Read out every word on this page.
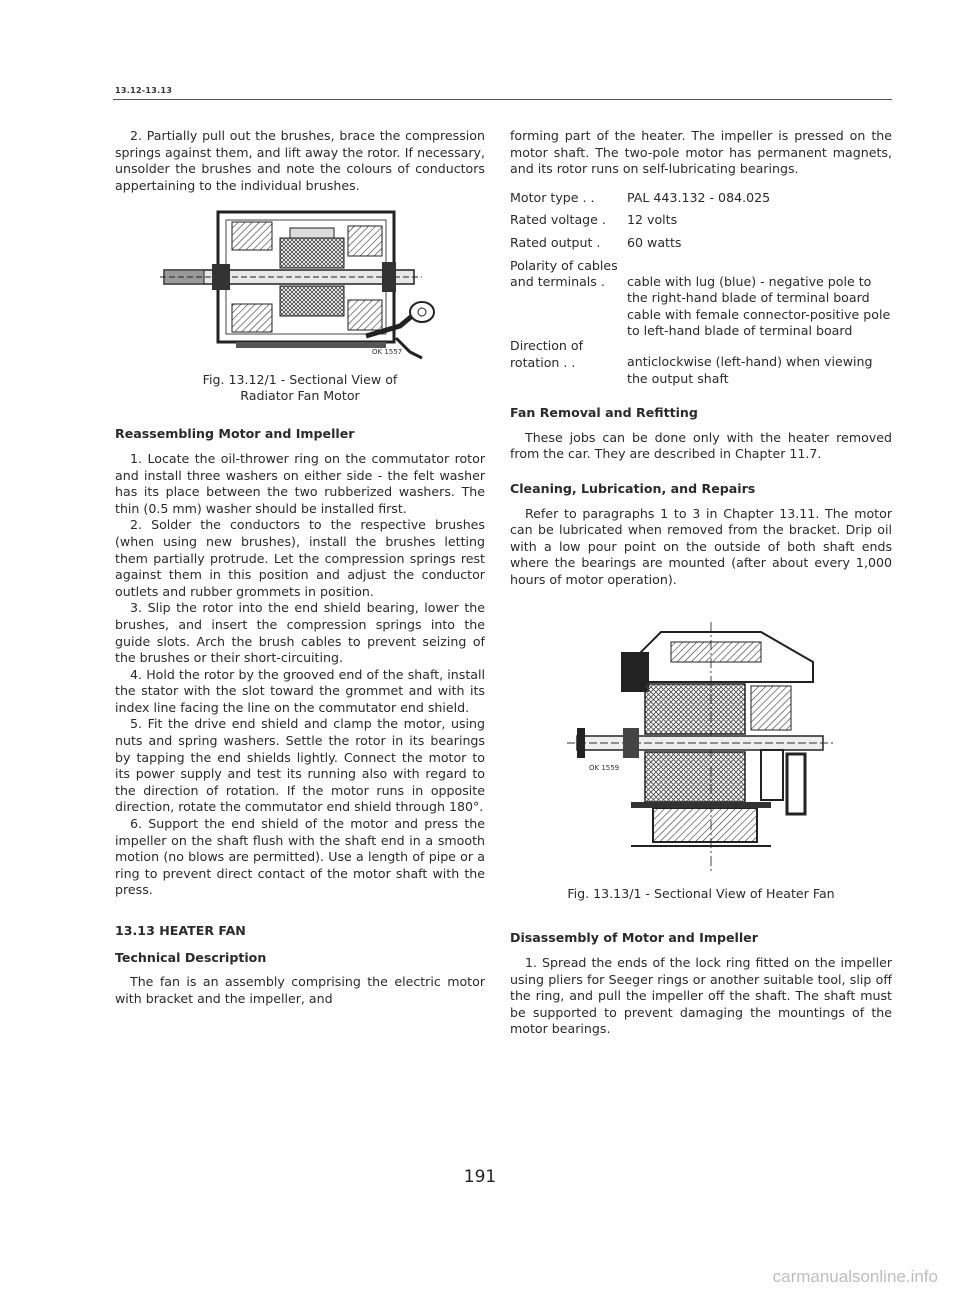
13.12-13.13

2. Partially pull out the brushes, brace the compression springs against them, and lift away the rotor. If necessary, unsolder the brushes and note the colours of conductors appertaining to the individual brushes.

OK 1557
Fig. 13.12/1 - Sectional View of Radiator Fan Motor
Reassembling Motor and Impeller

1. Locate the oil-thrower ring on the commutator rotor and install three washers on either side - the felt washer has its place between the two rubberized washers. The thin (0.5 mm) washer should be installed first.

2. Solder the conductors to the respective brushes (when using new brushes), install the brushes letting them partially protrude. Let the compression springs rest against them in this position and adjust the conductor outlets and rubber grommets in position.

3. Slip the rotor into the end shield bearing, lower the brushes, and insert the compression springs into the guide slots. Arch the brush cables to prevent seizing of the brushes or their short-circuiting.

4. Hold the rotor by the grooved end of the shaft, install the stator with the slot toward the grommet and with its index line facing the line on the commutator end shield.

5. Fit the drive end shield and clamp the motor, using nuts and spring washers. Settle the rotor in its bearings by tapping the end shields lightly. Connect the motor to its power supply and test its running also with regard to the direction of rotation. If the motor runs in opposite direction, rotate the commutator end shield through 180°.

6. Support the end shield of the motor and press the impeller on the shaft flush with the shaft end in a smooth motion (no blows are permitted). Use a length of pipe or a ring to prevent direct contact of the motor shaft with the press.

13.13 HEATER FAN
Technical Description

The fan is an assembly comprising the electric motor with bracket and the impeller, and

forming part of the heater. The impeller is pressed on the motor shaft. The two-pole motor has permanent magnets, and its rotor runs on self-lubricating bearings.

Motor type . .	PAL 443.132 - 084.025
Rated voltage .	12 volts
Rated output .	60 watts
Polarity of cables and terminals .	cable with lug (blue) - negative pole to the right-hand blade of terminal board cable with female connector-positive pole to left-hand blade of terminal board
Direction of rotation . .	anticlockwise (left-hand) when viewing the output shaft
Fan Removal and Refitting

These jobs can be done only with the heater removed from the car. They are described in Chapter 11.7.

Cleaning, Lubrication, and Repairs

Refer to paragraphs 1 to 3 in Chapter 13.11. The motor can be lubricated when removed from the bracket. Drip oil with a low pour point on the outside of both shaft ends where the bearings are mounted (after about every 1,000 hours of motor operation).

OK 1559
Fig. 13.13/1 - Sectional View of Heater Fan
Disassembly of Motor and Impeller

1. Spread the ends of the lock ring fitted on the impeller using pliers for Seeger rings or another suitable tool, slip off the ring, and pull the impeller off the shaft. The shaft must be supported to prevent damaging the mountings of the motor bearings.

191
carmanualsonline.info
